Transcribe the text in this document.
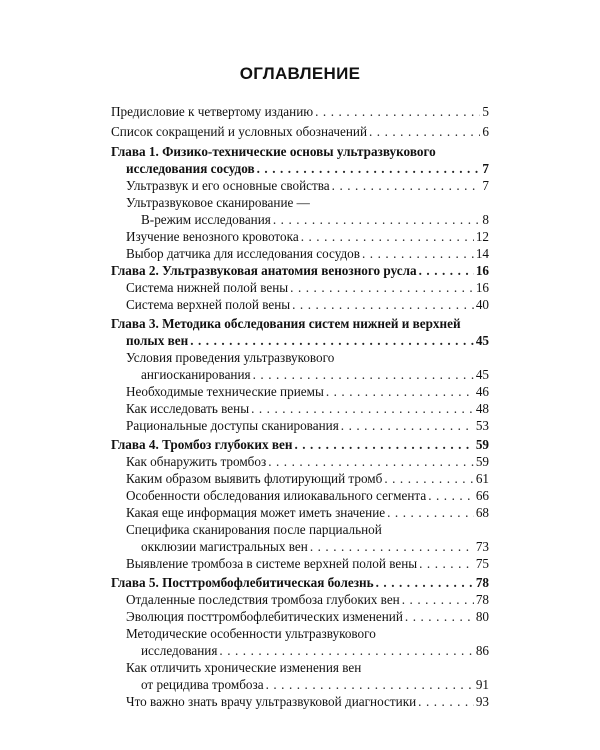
ОГЛАВЛЕНИЕ
Предисловие к четвертому изданию . . .	5
Список сокращений и условных обозначений . . .	6
Глава 1. Физико-технические основы ультразвукового
исследования сосудов . . .	7
Ультразвук и его основные свойства . . .	7
Ультразвуковое сканирование —
В-режим исследования . . .	8
Изучение венозного кровотока . . .	12
Выбор датчика для исследования сосудов . . .	14
Глава 2. Ультразвуковая анатомия венозного русла . . .	16
Система нижней полой вены . . .	16
Система верхней полой вены . . .	40
Глава 3. Методика обследования систем нижней и верхней
полых вен . . .	45
Условия проведения ультразвукового
ангиосканирования . . .	45
Необходимые технические приемы . . .	46
Как исследовать вены . . .	48
Рациональные доступы сканирования . . .	53
Глава 4. Тромбоз глубоких вен . . .	59
Как обнаружить тромбоз . . .	59
Каким образом выявить флотирующий тромб . . .	61
Особенности обследования илиокавального сегмента . . .	66
Какая еще информация может иметь значение . . .	68
Специфика сканирования после парциальной
окклюзии магистральных вен . . .	73
Выявление тромбоза в системе верхней полой вены . . .	75
Глава 5. Посттромбофлебитическая болезнь . . .	78
Отдаленные последствия тромбоза глубоких вен . . .	78
Эволюция посттромбофлебитических изменений . . .	80
Методические особенности ультразвукового
исследования . . .	86
Как отличить хронические изменения вен
от рецидива тромбоза . . .	91
Что важно знать врачу ультразвуковой диагностики . . .	93
